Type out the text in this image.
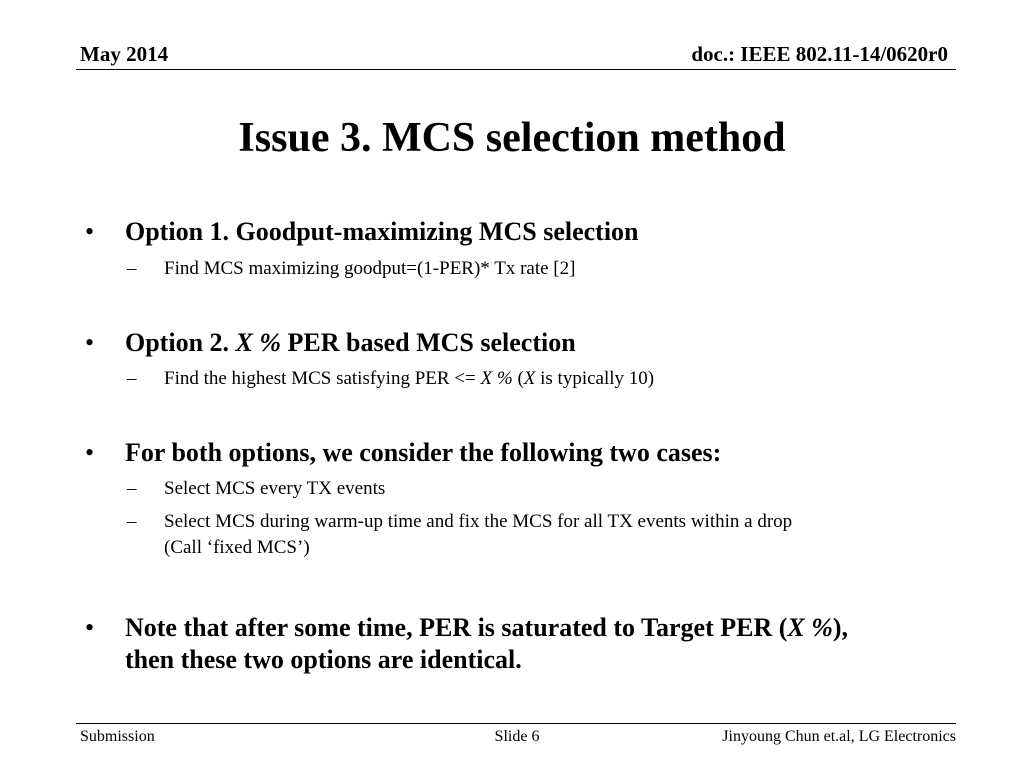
May 2014	doc.: IEEE 802.11-14/0620r0
Issue 3. MCS selection method
• Option 1. Goodput-maximizing MCS selection
– Find MCS maximizing goodput=(1-PER)* Tx rate [2]
• Option 2. X % PER based MCS selection
– Find the highest MCS satisfying PER <= X % (X is typically 10)
• For both options, we consider the following two cases:
– Select MCS every TX events
– Select MCS during warm-up time and fix the MCS for all TX events within a drop
(Call ‘fixed MCS’)
• Note that after some time, PER is saturated to Target PER (X %),
then these two options are identical.
Submission	Slide 6	Jinyoung Chun et.al, LG Electronics
